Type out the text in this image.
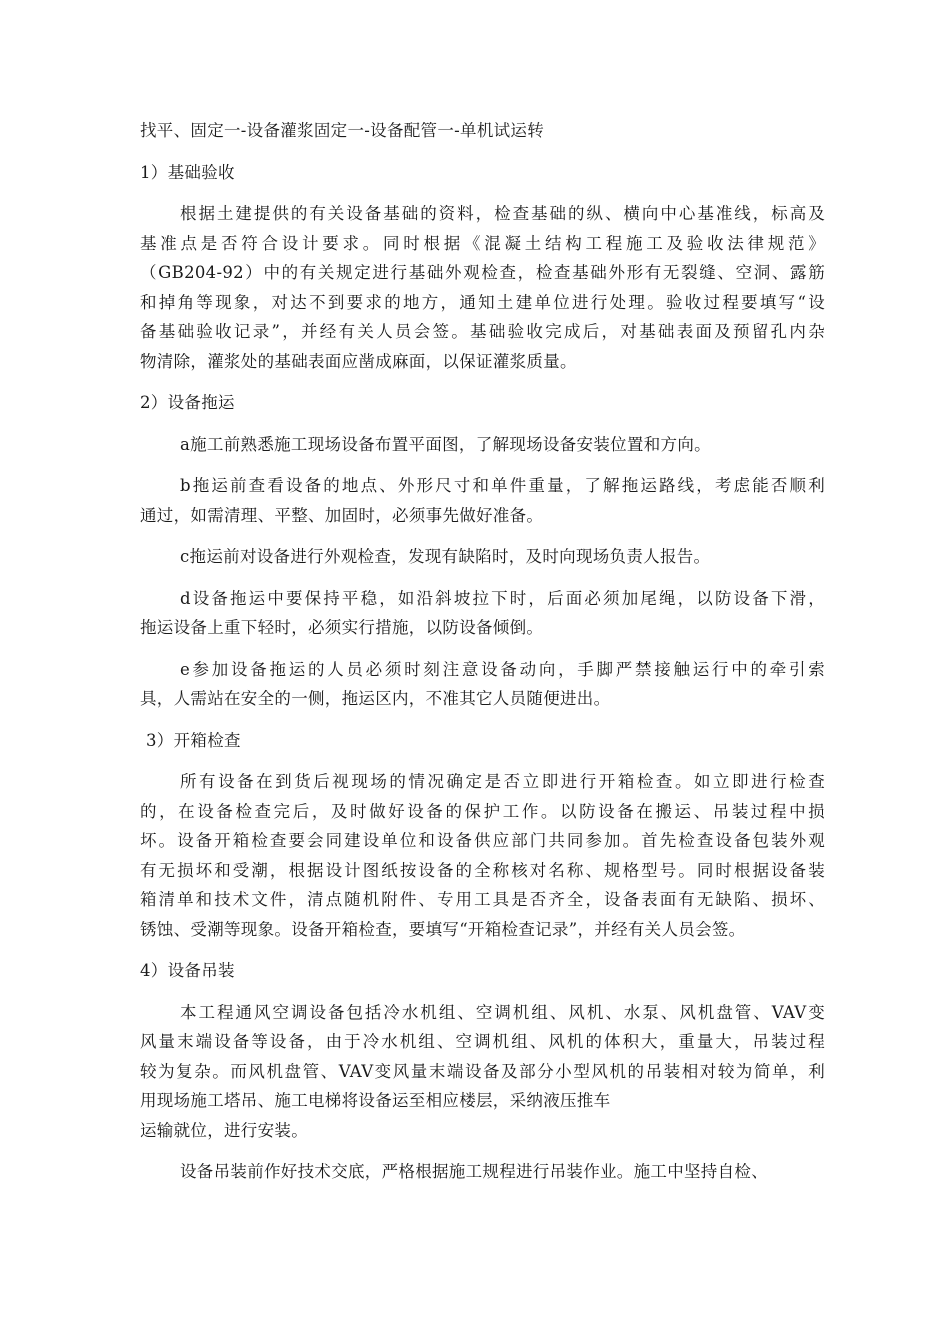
找平、固定一-设备灌浆固定一-设备配管一-单机试运转
1）基础验收
根据土建提供的有关设备基础的资料，检查基础的纵、横向中心基准线，标高及
基准点是否符合设计要求。同时根据《混凝土结构工程施工及验收法律规范》
（GB204-92）中的有关规定进行基础外观检查，检查基础外形有无裂缝、空洞、露筋
和掉角等现象，对达不到要求的地方，通知土建单位进行处理。验收过程要填写“设
备基础验收记录”，并经有关人员会签。基础验收完成后，对基础表面及预留孔内杂
物清除，灌浆处的基础表面应凿成麻面，以保证灌浆质量。
2）设备拖运
a施工前熟悉施工现场设备布置平面图，了解现场设备安装位置和方向。
b拖运前查看设备的地点、外形尺寸和单件重量，了解拖运路线，考虑能否顺利
通过，如需清理、平整、加固时，必须事先做好准备。
c拖运前对设备进行外观检查，发现有缺陷时，及时向现场负责人报告。
d设备拖运中要保持平稳，如沿斜坡拉下时，后面必须加尾绳，以防设备下滑，
拖运设备上重下轻时，必须实行措施，以防设备倾倒。
e参加设备拖运的人员必须时刻注意设备动向，手脚严禁接触运行中的牵引索
具，人需站在安全的一侧，拖运区内，不准其它人员随便进出。
3）开箱检查
所有设备在到货后视现场的情况确定是否立即进行开箱检查。如立即进行检查
的，在设备检查完后，及时做好设备的保护工作。以防设备在搬运、吊装过程中损
坏。设备开箱检查要会同建设单位和设备供应部门共同参加。首先检查设备包装外观
有无损坏和受潮，根据设计图纸按设备的全称核对名称、规格型号。同时根据设备装
箱清单和技术文件，清点随机附件、专用工具是否齐全，设备表面有无缺陷、损坏、
锈蚀、受潮等现象。设备开箱检查，要填写“开箱检查记录”，并经有关人员会签。
4）设备吊装
本工程通风空调设备包括冷水机组、空调机组、风机、水泵、风机盘管、VAV变
风量末端设备等设备，由于冷水机组、空调机组、风机的体积大，重量大，吊装过程
较为复杂。而风机盘管、VAV变风量末端设备及部分小型风机的吊装相对较为简单，利
用现场施工塔吊、施工电梯将设备运至相应楼层，采纳液压推车
运输就位，进行安装。
设备吊装前作好技术交底，严格根据施工规程进行吊装作业。施工中坚持自检、
